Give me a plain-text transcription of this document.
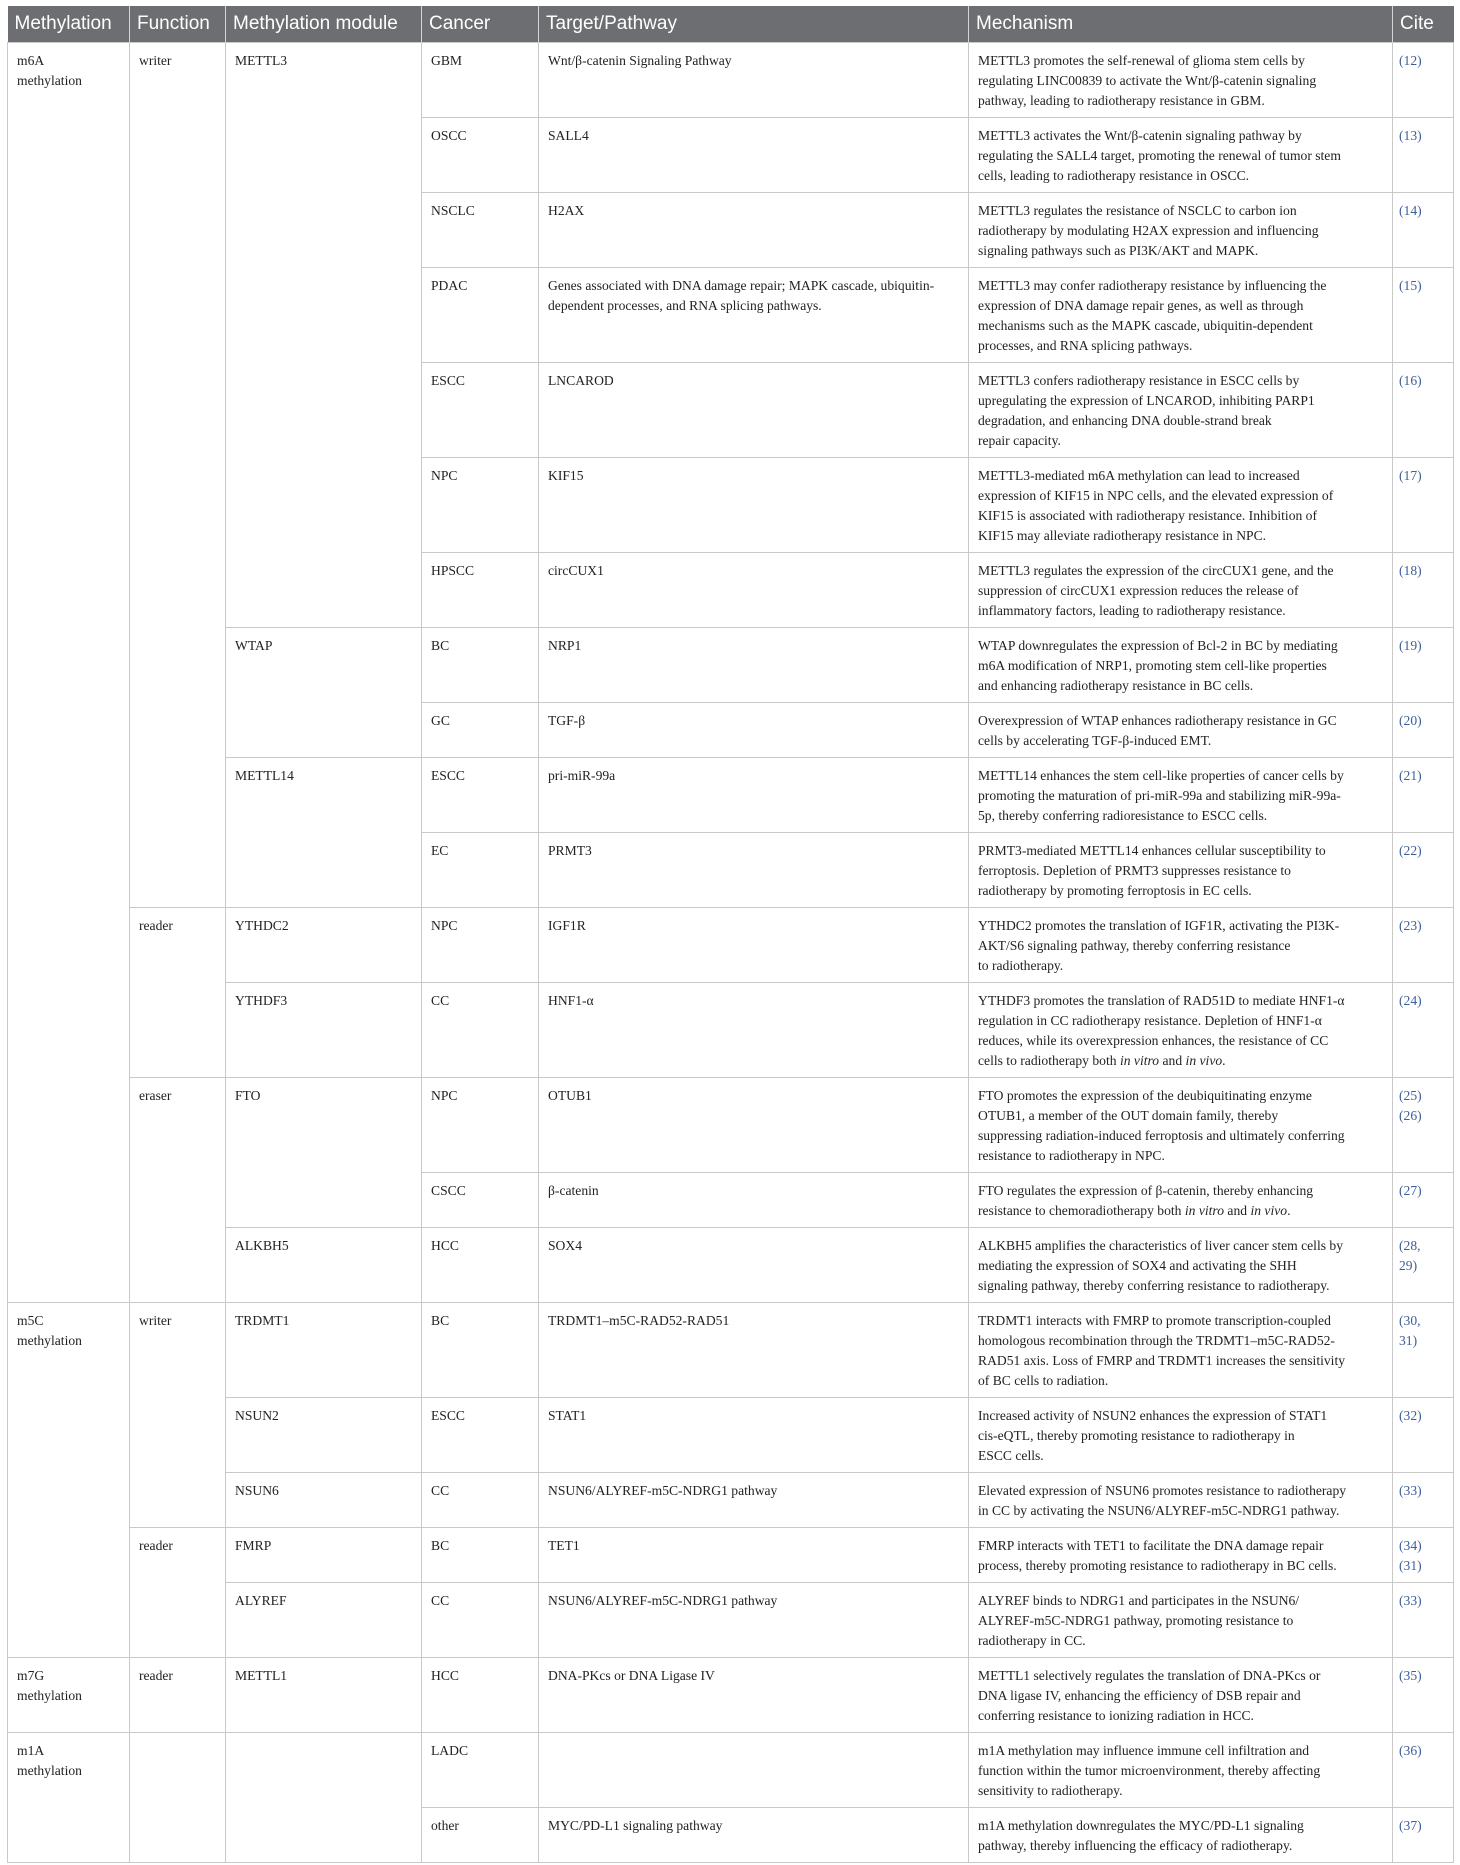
Methylation	Function	Methylation module	Cancer	Target/Pathway	Mechanism	Cite

m6A
methylation	writer	METTL3	GBM	Wnt/β-catenin Signaling Pathway	METTL3 promotes the self-renewal of glioma stem cells by
regulating LINC00839 to activate the Wnt/β-catenin signaling
pathway, leading to radiotherapy resistance in GBM.	(12)

			OSCC	SALL4	METTL3 activates the Wnt/β-catenin signaling pathway by
regulating the SALL4 target, promoting the renewal of tumor stem
cells, leading to radiotherapy resistance in OSCC.	(13)

			NSCLC	H2AX	METTL3 regulates the resistance of NSCLC to carbon ion
radiotherapy by modulating H2AX expression and influencing
signaling pathways such as PI3K/AKT and MAPK.	(14)

			PDAC	Genes associated with DNA damage repair; MAPK cascade, ubiquitin-dependent processes, and RNA splicing pathways.	METTL3 may confer radiotherapy resistance by influencing the
expression of DNA damage repair genes, as well as through
mechanisms such as the MAPK cascade, ubiquitin-dependent
processes, and RNA splicing pathways.	(15)

			ESCC	LNCAROD	METTL3 confers radiotherapy resistance in ESCC cells by
upregulating the expression of LNCAROD, inhibiting PARP1
degradation, and enhancing DNA double-strand break
repair capacity.	(16)

			NPC	KIF15	METTL3-mediated m6A methylation can lead to increased
expression of KIF15 in NPC cells, and the elevated expression of
KIF15 is associated with radiotherapy resistance. Inhibition of
KIF15 may alleviate radiotherapy resistance in NPC.	(17)

			HPSCC	circCUX1	METTL3 regulates the expression of the circCUX1 gene, and the
suppression of circCUX1 expression reduces the release of
inflammatory factors, leading to radiotherapy resistance.	(18)

		WTAP	BC	NRP1	WTAP downregulates the expression of Bcl-2 in BC by mediating
m6A modification of NRP1, promoting stem cell-like properties
and enhancing radiotherapy resistance in BC cells.	(19)

			GC	TGF-β	Overexpression of WTAP enhances radiotherapy resistance in GC
cells by accelerating TGF-β-induced EMT.	(20)

		METTL14	ESCC	pri-miR-99a	METTL14 enhances the stem cell-like properties of cancer cells by
promoting the maturation of pri-miR-99a and stabilizing miR-99a-
5p, thereby conferring radioresistance to ESCC cells.	(21)

			EC	PRMT3	PRMT3-mediated METTL14 enhances cellular susceptibility to
ferroptosis. Depletion of PRMT3 suppresses resistance to
radiotherapy by promoting ferroptosis in EC cells.	(22)

	reader	YTHDC2	NPC	IGF1R	YTHDC2 promotes the translation of IGF1R, activating the PI3K-
AKT/S6 signaling pathway, thereby conferring resistance
to radiotherapy.	(23)

		YTHDF3	CC	HNF1-α	YTHDF3 promotes the translation of RAD51D to mediate HNF1-α
regulation in CC radiotherapy resistance. Depletion of HNF1-α
reduces, while its overexpression enhances, the resistance of CC
cells to radiotherapy both in vitro and in vivo.	(24)

	eraser	FTO	NPC	OTUB1	FTO promotes the expression of the deubiquitinating enzyme
OTUB1, a member of the OUT domain family, thereby
suppressing radiation-induced ferroptosis and ultimately conferring
resistance to radiotherapy in NPC.	(25)
(26)

			CSCC	β-catenin	FTO regulates the expression of β-catenin, thereby enhancing
resistance to chemoradiotherapy both in vitro and in vivo.	(27)

		ALKBH5	HCC	SOX4	ALKBH5 amplifies the characteristics of liver cancer stem cells by
mediating the expression of SOX4 and activating the SHH
signaling pathway, thereby conferring resistance to radiotherapy.	(28,
29)

m5C
methylation	writer	TRDMT1	BC	TRDMT1–m5C-RAD52-RAD51	TRDMT1 interacts with FMRP to promote transcription-coupled
homologous recombination through the TRDMT1–m5C-RAD52-
RAD51 axis. Loss of FMRP and TRDMT1 increases the sensitivity
of BC cells to radiation.	(30,
31)

		NSUN2	ESCC	STAT1	Increased activity of NSUN2 enhances the expression of STAT1
cis-eQTL, thereby promoting resistance to radiotherapy in
ESCC cells.	(32)

		NSUN6	CC	NSUN6/ALYREF-m5C-NDRG1 pathway	Elevated expression of NSUN6 promotes resistance to radiotherapy
in CC by activating the NSUN6/ALYREF-m5C-NDRG1 pathway.	(33)

	reader	FMRP	BC	TET1	FMRP interacts with TET1 to facilitate the DNA damage repair
process, thereby promoting resistance to radiotherapy in BC cells.	(34)
(31)

		ALYREF	CC	NSUN6/ALYREF-m5C-NDRG1 pathway	ALYREF binds to NDRG1 and participates in the NSUN6/
ALYREF-m5C-NDRG1 pathway, promoting resistance to
radiotherapy in CC.	(33)

m7G
methylation	reader	METTL1	HCC	DNA-PKcs or DNA Ligase IV	METTL1 selectively regulates the translation of DNA-PKcs or
DNA ligase IV, enhancing the efficiency of DSB repair and
conferring resistance to ionizing radiation in HCC.	(35)

m1A
methylation			LADC		m1A methylation may influence immune cell infiltration and
function within the tumor microenvironment, thereby affecting
sensitivity to radiotherapy.	(36)

			other	MYC/PD-L1 signaling pathway	m1A methylation downregulates the MYC/PD-L1 signaling
pathway, thereby influencing the efficacy of radiotherapy.	(37)
